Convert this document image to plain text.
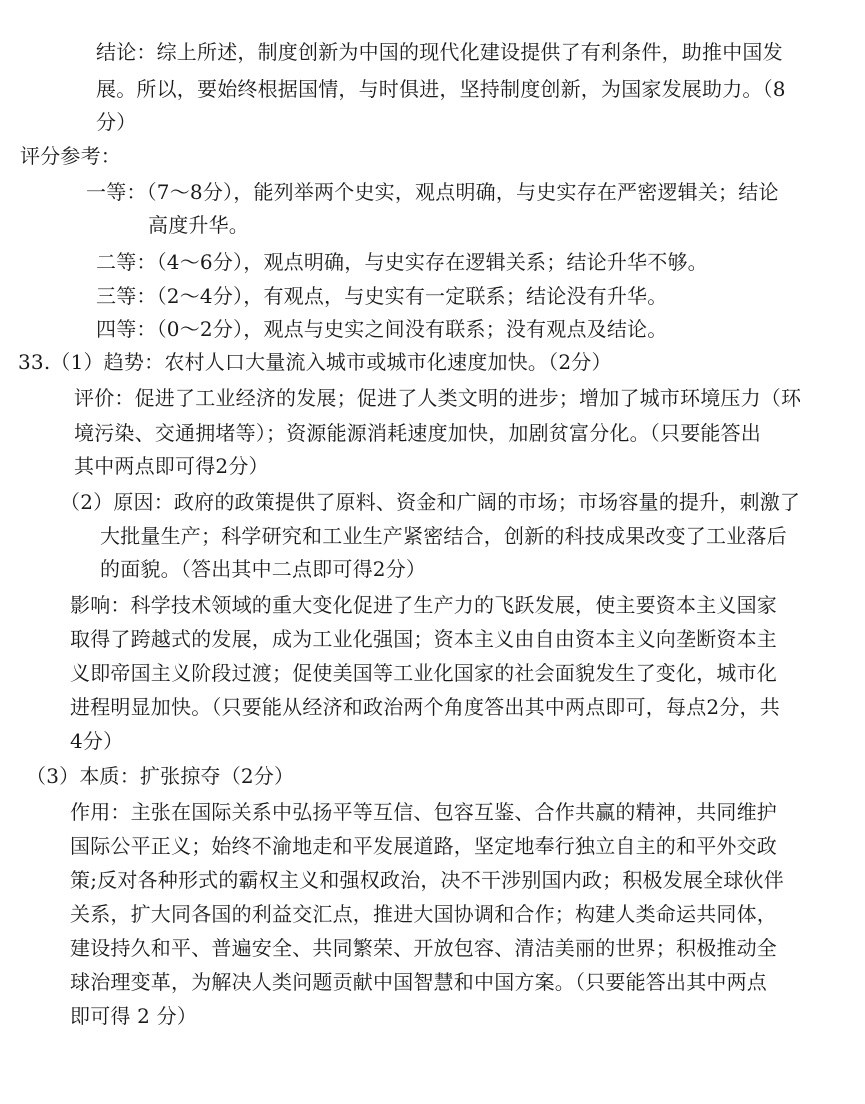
结论：综上所述，制度创新为中国的现代化建设提供了有利条件，助推中国发
展。所以，要始终根据国情，与时俱进，坚持制度创新，为国家发展助力。（8
分）
评分参考：
一等：（7～8分），能列举两个史实，观点明确，与史实存在严密逻辑关；结论
高度升华。
二等：（4～6分），观点明确，与史实存在逻辑关系；结论升华不够。
三等：（2～4分），有观点，与史实有一定联系；结论没有升华。
四等：（0～2分），观点与史实之间没有联系；没有观点及结论。
33.（1）趋势：农村人口大量流入城市或城市化速度加快。（2分）
评价：促进了工业经济的发展；促进了人类文明的进步；增加了城市环境压力（环
境污染、交通拥堵等）；资源能源消耗速度加快，加剧贫富分化。（只要能答出
其中两点即可得2分）
（2）原因：政府的政策提供了原料、资金和广阔的市场；市场容量的提升，刺激了
大批量生产；科学研究和工业生产紧密结合，创新的科技成果改变了工业落后
的面貌。（答出其中二点即可得2分）
影响：科学技术领域的重大变化促进了生产力的飞跃发展，使主要资本主义国家
取得了跨越式的发展，成为工业化强国；资本主义由自由资本主义向垄断资本主
义即帝国主义阶段过渡；促使美国等工业化国家的社会面貌发生了变化，城市化
进程明显加快。（只要能从经济和政治两个角度答出其中两点即可，每点2分，共
4分）
（3）本质：扩张掠夺（2分）
作用：主张在国际关系中弘扬平等互信、包容互鉴、合作共赢的精神，共同维护
国际公平正义；始终不渝地走和平发展道路，坚定地奉行独立自主的和平外交政
策;反对各种形式的霸权主义和强权政治，决不干涉别国内政；积极发展全球伙伴
关系，扩大同各国的利益交汇点，推进大国协调和合作；构建人类命运共同体，
建设持久和平、普遍安全、共同繁荣、开放包容、清洁美丽的世界；积极推动全
球治理变革，为解决人类问题贡献中国智慧和中国方案。（只要能答出其中两点
即可得 2 分）
